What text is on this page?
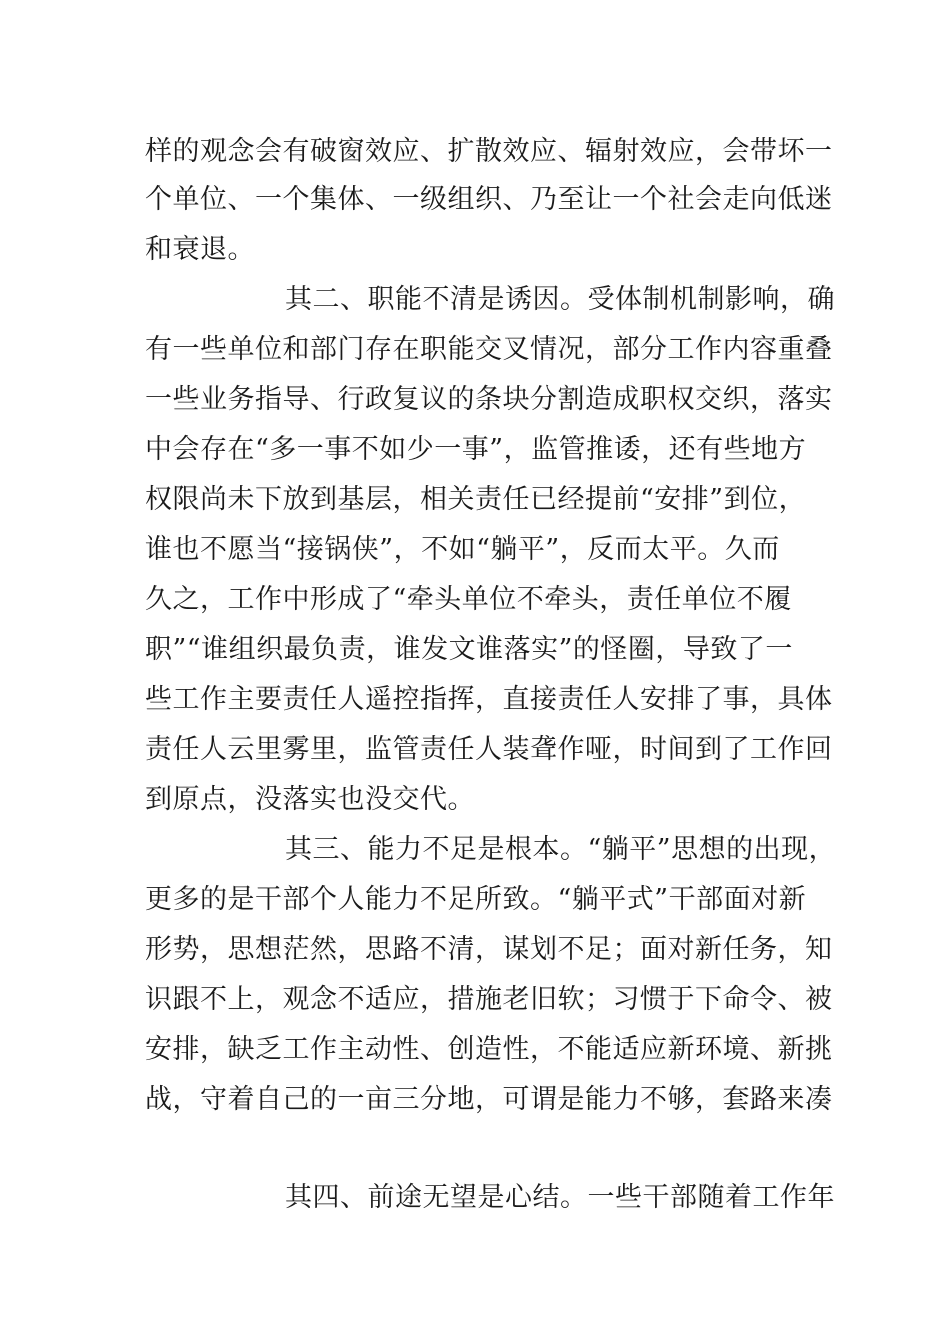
样的观念会有破窗效应、扩散效应、辐射效应，会带坏一
个单位、一个集体、一级组织、乃至让一个社会走向低迷
和衰退。
其二、职能不清是诱因。受体制机制影响，确
有一些单位和部门存在职能交叉情况，部分工作内容重叠
一些业务指导、行政复议的条块分割造成职权交织，落实
中会存在“多一事不如少一事”，监管推诿，还有些地方
权限尚未下放到基层，相关责任已经提前“安排”到位，
谁也不愿当“接锅侠”，不如“躺平”，反而太平。久而
久之，工作中形成了“牵头单位不牵头，责任单位不履
职”“谁组织最负责，谁发文谁落实”的怪圈，导致了一
些工作主要责任人遥控指挥，直接责任人安排了事，具体
责任人云里雾里，监管责任人装聋作哑，时间到了工作回
到原点，没落实也没交代。
其三、能力不足是根本。“躺平”思想的出现，
更多的是干部个人能力不足所致。“躺平式”干部面对新
形势，思想茫然，思路不清，谋划不足；面对新任务，知
识跟不上，观念不适应，措施老旧软；习惯于下命令、被
安排，缺乏工作主动性、创造性，不能适应新环境、新挑
战，守着自己的一亩三分地，可谓是能力不够，套路来凑
其四、前途无望是心结。一些干部随着工作年
